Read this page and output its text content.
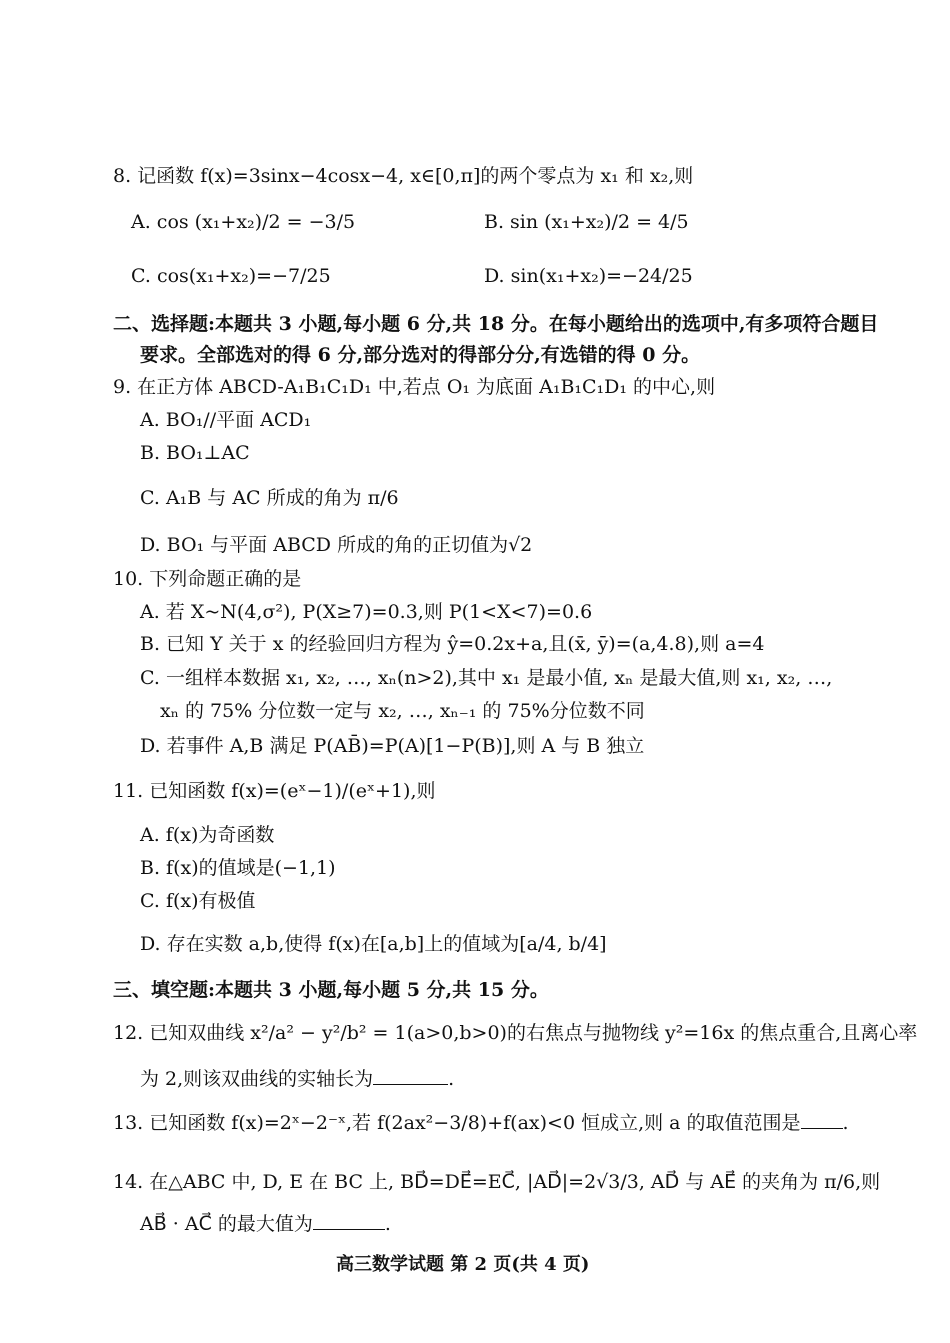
8. 记函数 f(x)=3sinx−4cosx−4, x∈[0,π]的两个零点为 x₁ 和 x₂,则
A. cos (x₁+x₂)/2 = −3/5	B. sin (x₁+x₂)/2 = 4/5
C. cos(x₁+x₂)=−7/25	D. sin(x₁+x₂)=−24/25
二、选择题:本题共 3 小题,每小题 6 分,共 18 分。在每小题给出的选项中,有多项符合题目
要求。全部选对的得 6 分,部分选对的得部分分,有选错的得 0 分。
9. 在正方体 ABCD-A₁B₁C₁D₁ 中,若点 O₁ 为底面 A₁B₁C₁D₁ 的中心,则
A. BO₁//平面 ACD₁
B. BO₁⊥AC
C. A₁B 与 AC 所成的角为 π/6
D. BO₁ 与平面 ABCD 所成的角的正切值为√2
10. 下列命题正确的是
A. 若 X~N(4,σ²), P(X≥7)=0.3,则 P(1<X<7)=0.6
B. 已知 Y 关于 x 的经验回归方程为 ŷ=0.2x+a,且(x̄, ȳ)=(a,4.8),则 a=4
C. 一组样本数据 x₁, x₂, …, xₙ(n>2),其中 x₁ 是最小值, xₙ 是最大值,则 x₁, x₂, …,
xₙ 的 75% 分位数一定与 x₂, …, xₙ₋₁ 的 75%分位数不同
D. 若事件 A,B 满足 P(AB̄)=P(A)[1−P(B)],则 A 与 B 独立
11. 已知函数 f(x)=(eˣ−1)/(eˣ+1),则
A. f(x)为奇函数
B. f(x)的值域是(−1,1)
C. f(x)有极值
D. 存在实数 a,b,使得 f(x)在[a,b]上的值域为[a/4, b/4]
三、填空题:本题共 3 小题,每小题 5 分,共 15 分。
12. 已知双曲线 x²/a² − y²/b² = 1(a>0,b>0)的右焦点与抛物线 y²=16x 的焦点重合,且离心率
为 2,则该双曲线的实轴长为	.
13. 已知函数 f(x)=2ˣ−2⁻ˣ,若 f(2ax²−3/8)+f(ax)<0 恒成立,则 a 的取值范围是 .
14. 在△ABC 中, D, E 在 BC 上, BD⃗=DE⃗=EC⃗, |AD⃗|=2√3/3, AD⃗ 与 AE⃗ 的夹角为 π/6,则
AB⃗ · AC⃗ 的最大值为	.
高三数学试题 第 2 页(共 4 页)
